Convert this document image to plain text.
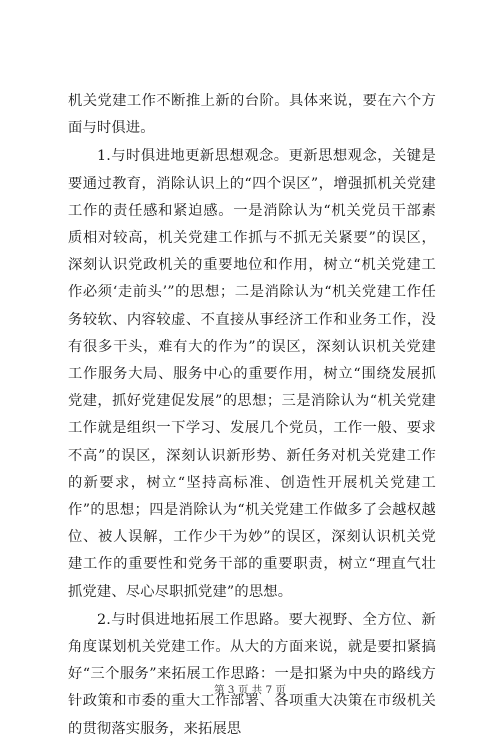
机关党建工作不断推上新的台阶。具体来说，要在六个方面与时俱进。

1.与时俱进地更新思想观念。更新思想观念，关键是要通过教育，消除认识上的“四个误区”，增强抓机关党建工作的责任感和紧迫感。一是消除认为“机关党员干部素质相对较高，机关党建工作抓与不抓无关紧要”的误区，深刻认识党政机关的重要地位和作用，树立“机关党建工作必须‘走前头’”的思想；二是消除认为“机关党建工作任务较软、内容较虚、不直接从事经济工作和业务工作，没有很多干头，难有大的作为”的误区，深刻认识机关党建工作服务大局、服务中心的重要作用，树立“围绕发展抓党建，抓好党建促发展”的思想；三是消除认为“机关党建工作就是组织一下学习、发展几个党员，工作一般、要求不高”的误区，深刻认识新形势、新任务对机关党建工作的新要求，树立“坚持高标准、创造性开展机关党建工作”的思想；四是消除认为“机关党建工作做多了会越权越位、被人误解，工作少干为妙”的误区，深刻认识机关党建工作的重要性和党务干部的重要职责，树立“理直气壮抓党建、尽心尽职抓党建”的思想。

2.与时俱进地拓展工作思路。要大视野、全方位、新角度谋划机关党建工作。从大的方面来说，就是要扣紧搞好“三个服务”来拓展工作思路：一是扣紧为中央的路线方针政策和市委的重大工作部署、各项重大决策在市级机关的贯彻落实服务，来拓展思

第 3 页 共 7 页
